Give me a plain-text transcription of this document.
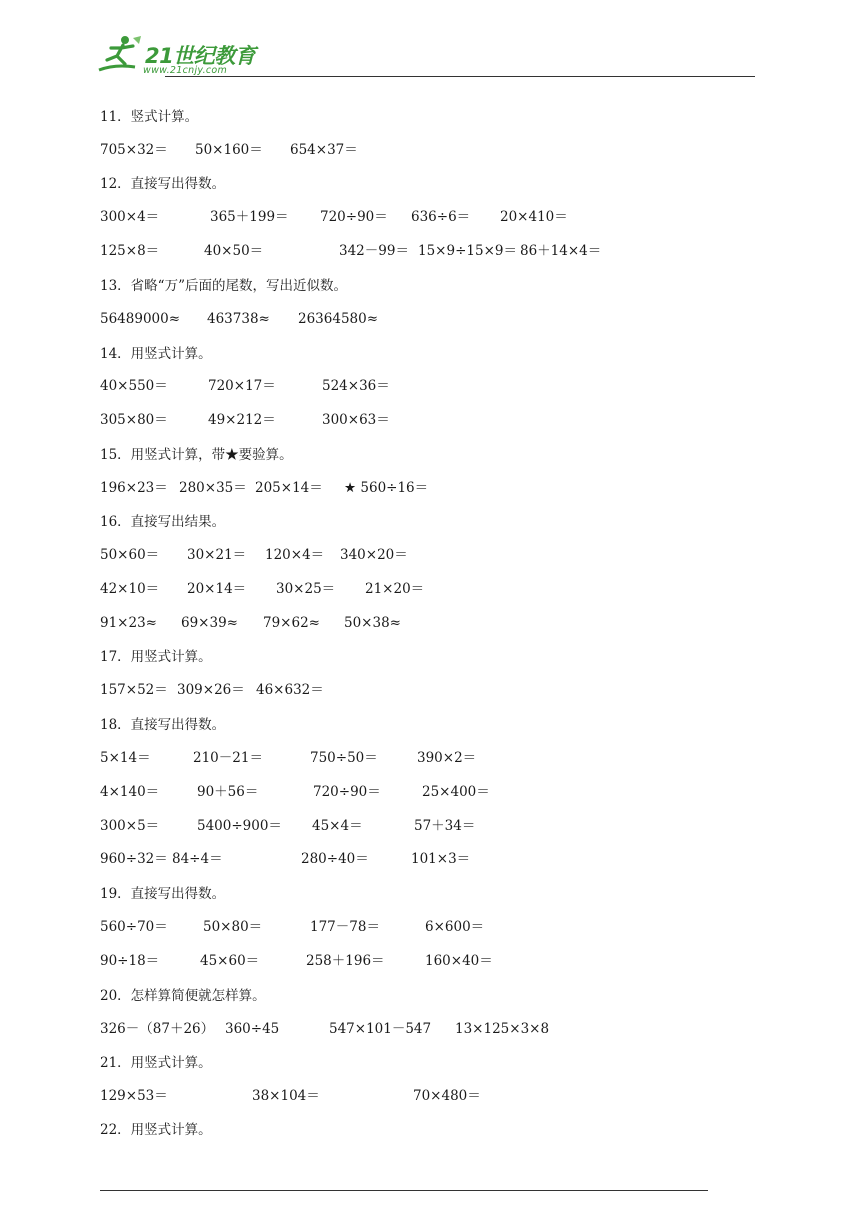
21世纪教育
www.21cnjy.com
11．竖式计算。
705×32＝ 50×160＝ 654×37＝
12．直接写出得数。
300×4＝	365＋199＝ 720÷90＝ 636÷6＝ 20×410＝
125×8＝	40×50＝	342－99＝ 15×9÷15×9＝ 86＋14×4＝
13．省略“万”后面的尾数，写出近似数。
56489000≈ 463738≈ 26364580≈
14．用竖式计算。
40×550＝	720×17＝	524×36＝
305×80＝	49×212＝	300×63＝
15．用竖式计算，带★要验算。
196×23＝ 280×35＝ 205×14＝ ★ 560÷16＝
16．直接写出结果。
50×60＝ 30×21＝ 120×4＝ 340×20＝
42×10＝ 20×14＝ 30×25＝ 21×20＝
91×23≈ 69×39≈ 79×62≈ 50×38≈
17．用竖式计算。
157×52＝ 309×26＝ 46×632＝
18．直接写出得数。
5×14＝	210－21＝	750÷50＝	390×2＝
4×140＝	90＋56＝	720÷90＝	25×400＝
300×5＝	5400÷900＝ 45×4＝	57＋34＝
960÷32＝ 84÷4＝	280÷40＝	101×3＝
19．直接写出得数。
560÷70＝	50×80＝	177－78＝	6×600＝
90÷18＝	45×60＝	258＋196＝	160×40＝
20．怎样算简便就怎样算。
326－（87＋26） 360÷45	547×101－547 13×125×3×8
21．用竖式计算。
129×53＝	38×104＝	70×480＝
22．用竖式计算。
